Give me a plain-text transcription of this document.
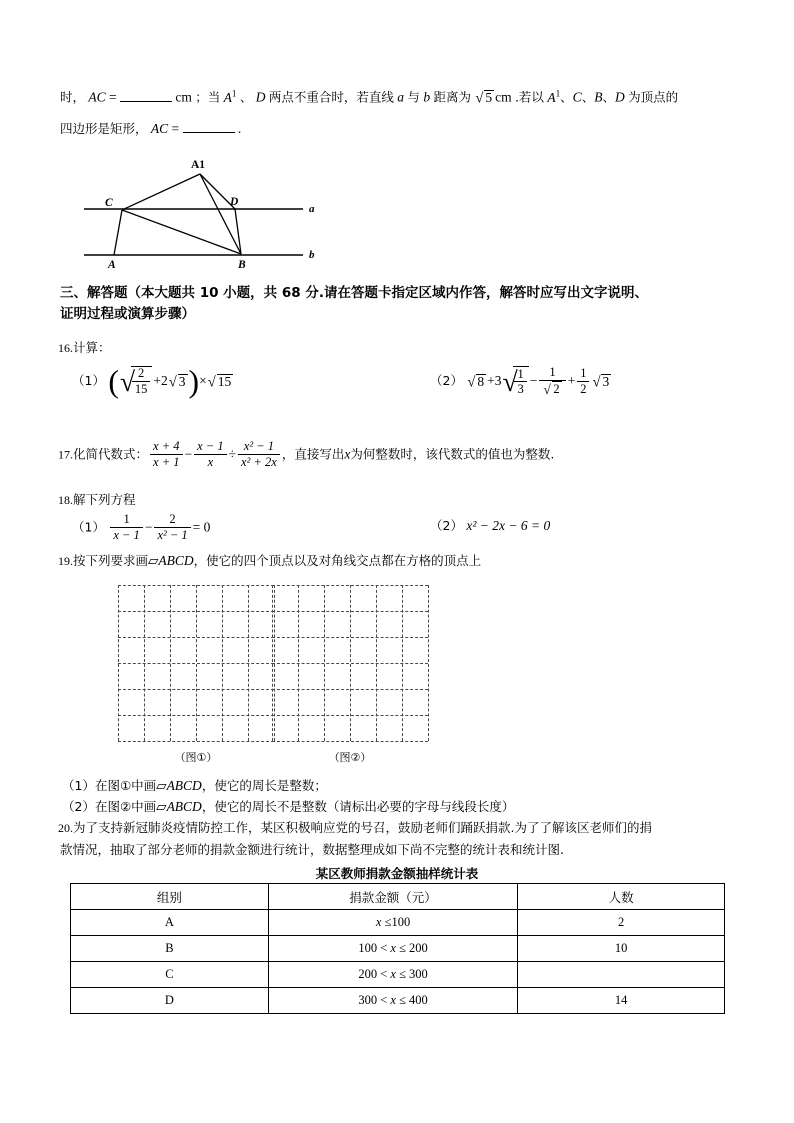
时， AC =	cm ；当 $A^1$ 、 D 两点不重合时，若直线 a 与 b 距离为 √ 5 cm .若以 $A^1$、C、B、D 为顶点的
四边形是矩形， AC =	.
A1
C	D
A	B
a
b
三、解答题（本大题共 10 小题，共 68 分.请在答题卡指定区域内作答，解答时应写出文字说明、
证明过程或演算步骤）
16.计算：
（1） ( √
$\frac{2}{15} +2$ √ 3)× √ 15	（2） √ 8 +3 √
$\frac{1}{3} - \frac{1}{√ 2} + \frac{1}{2}$ √ 3
17.化简代数式： $\frac{x + 4}{x + 1} - \frac{x - 1}{x} \div \frac{\text{x² − 1}}{\text{x² + 2x}}$ ，直接写出x为何整数时，该代数式的值也为整数.
18.解下列方程
$(1) \frac{1}{x - 1} - \frac{2}{\text{x² − 1}} = 0$	（2） x² − 2x − 6 = 0
19.按下列要求画▱ABCD，使它的四个顶点以及对角线交点都在方格的顶点上
（图①）	（图②）
（1）在图①中画▱ABCD，使它的周长是整数；
（2）在图②中画▱ABCD，使它的周长不是整数（请标出必要的字母与线段长度）
20.为了支持新冠肺炎疫情防控工作，某区积极响应党的号召，鼓励老师们踊跃捐款.为了了解该区老师们的捐
款情况，抽取了部分老师的捐款金额进行统计，数据整理成如下尚不完整的统计表和统计图.
某区教师捐款金额抽样统计表
组别	捐款金额（元）	人数
A	x ≤100	2
B	100 < x ≤ 200	10
C	200 < x ≤ 300	
D	300 < x ≤ 400	14
